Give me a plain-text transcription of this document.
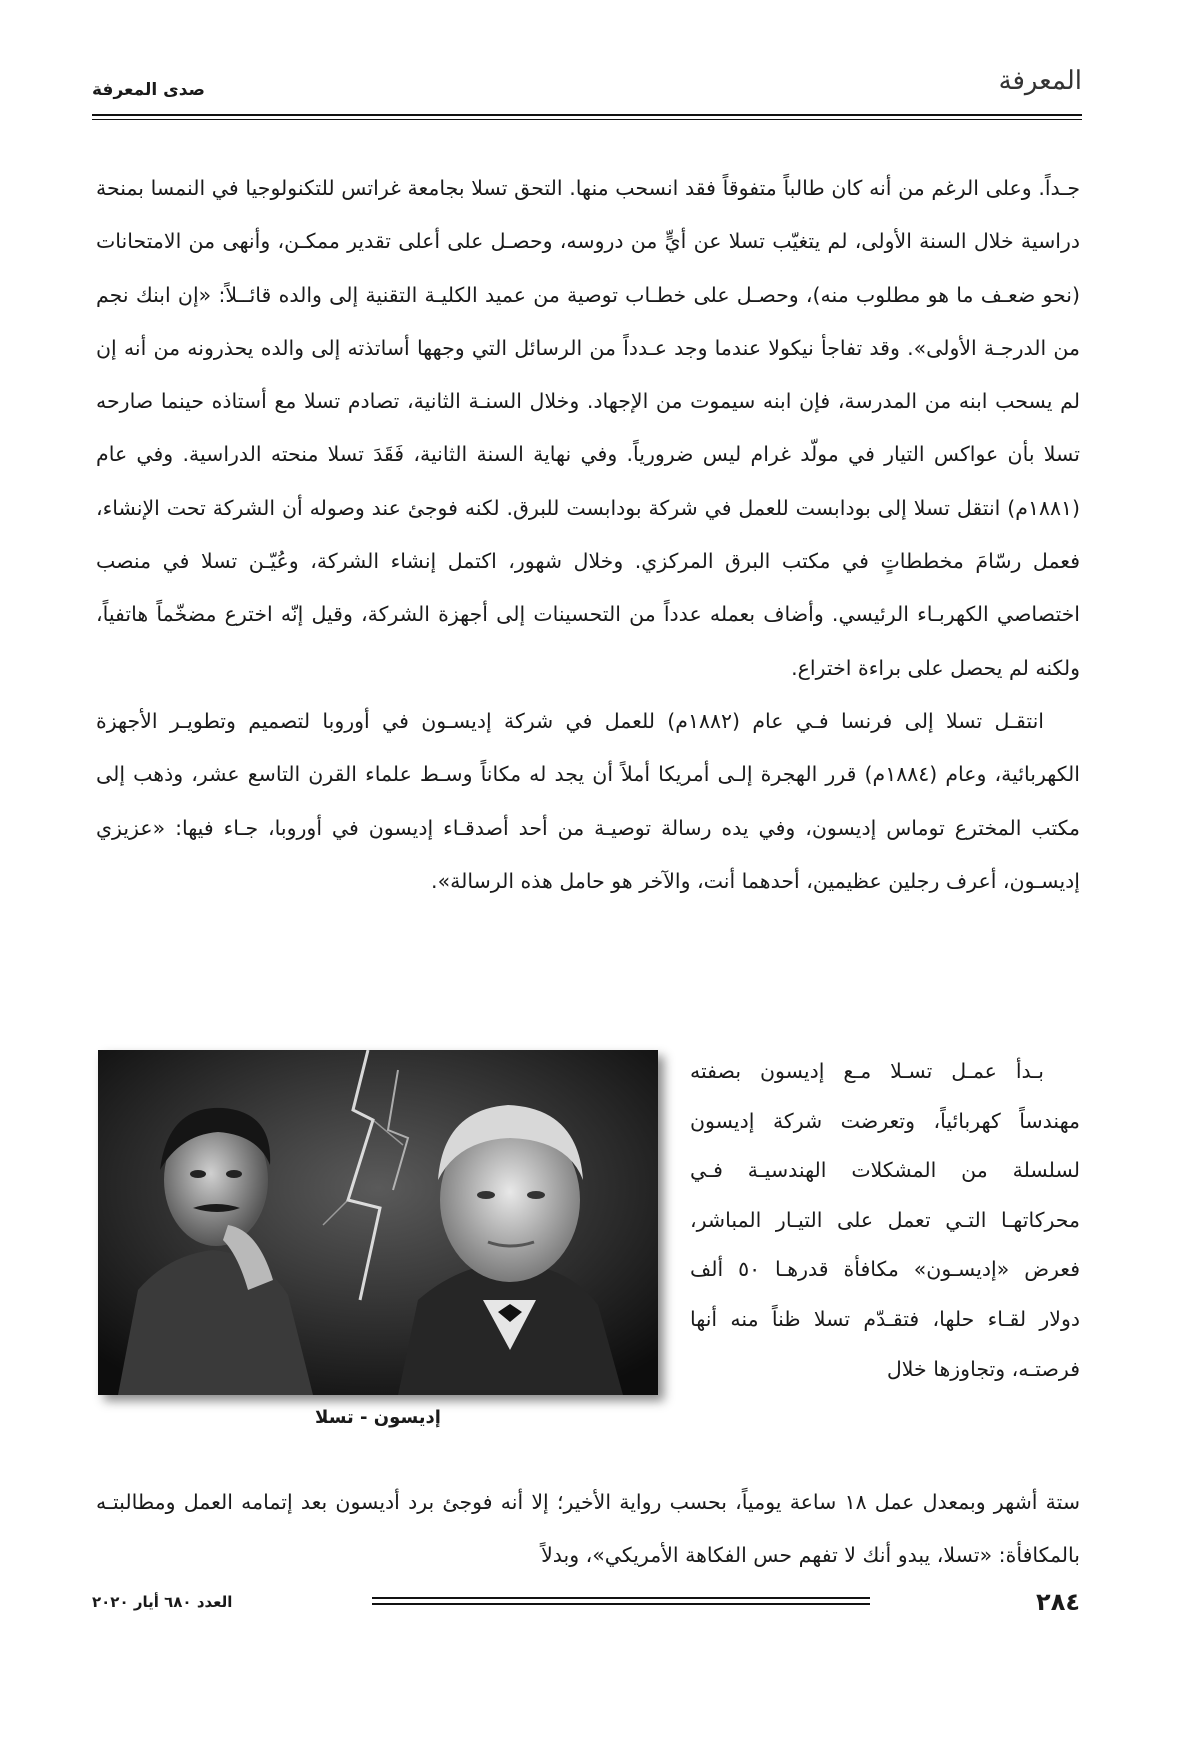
المعرفة
صدى المعرفة

جـداً. وعلى الرغم من أنه كان طالباً متفوقاً فقد انسحب منها. التحق تسلا بجامعة غراتس للتكنولوجيا في النمسا بمنحة دراسية خلال السنة الأولى، لم يتغيّب تسلا عن أيٍّ من دروسه، وحصـل على أعلى تقدير ممكـن، وأنهى من الامتحانات (نحو ضعـف ما هو مطلوب منه)، وحصـل على خطـاب توصية من عميد الكليـة التقنية إلى والده قائــلاً: «إن ابنك نجم من الدرجـة الأولى». وقد تفاجأ نيكولا عندما وجد عـدداً من الرسائل التي وجهها أساتذته إلى والده يحذرونه من أنه إن لم يسحب ابنه من المدرسة، فإن ابنه سيموت من الإجهاد. وخلال السنـة الثانية، تصادم تسلا مع أستاذه حينما صارحه تسلا بأن عواكس التيار في مولّد غرام ليس ضرورياً. وفي نهاية السنة الثانية، فَقَدَ تسلا منحته الدراسية. وفي عام (١٨٨١م) انتقل تسلا إلى بودابست للعمل في شركة بودابست للبرق. لكنه فوجئ عند وصوله أن الشركة تحت الإنشاء، فعمل رسّامَ مخططاتٍ في مكتب البرق المركزي. وخلال شهور، اكتمل إنشاء الشركة، وعُيّـن تسلا في منصب اختصاصي الكهربـاء الرئيسي. وأضاف بعمله عدداً من التحسينات إلى أجهزة الشركة، وقيل إنّه اخترع مضخّماً هاتفياً، ولكنه لم يحصل على براءة اختراع.

انتقـل تسلا إلى فرنسا فـي عام (١٨٨٢م) للعمل في شركة إديسـون في أوروبا لتصميم وتطويـر الأجهزة الكهربائية، وعام (١٨٨٤م) قرر الهجرة إلـى أمريكا أملاً أن يجد له مكاناً وسـط علماء القرن التاسع عشر، وذهب إلى مكتب المخترع توماس إديسون، وفي يده رسالة توصيـة من أحد أصدقـاء إديسون في أوروبا، جـاء فيها: «عزيزي إديسـون، أعرف رجلين عظيمين، أحدهما أنت، والآخر هو حامل هذه الرسالة».

إديسون - تسلا

بـدأ عمـل تسـلا مـع إديسون بصفته مهندساً كهربائياً، وتعرضت شركة إديسون لسلسلة من المشكلات الهندسيـة فـي محركاتهـا التـي تعمل على التيـار المباشر، فعرض «إديسـون» مكافأة قدرهـا ٥٠ ألف دولار لقـاء حلها، فتقـدّم تسلا ظناً منه أنها فرصتـه، وتجاوزها خلال

ستة أشهر وبمعدل عمل ١٨ ساعة يومياً، بحسب رواية الأخير؛ إلا أنه فوجئ برد أديسون بعد إتمامه العمل ومطالبتـه بالمكافأة: «تسلا، يبدو أنك لا تفهم حس الفكاهة الأمريكي»، وبدلاً

العدد ٦٨٠ أيار ٢٠٢٠	٢٨٤
